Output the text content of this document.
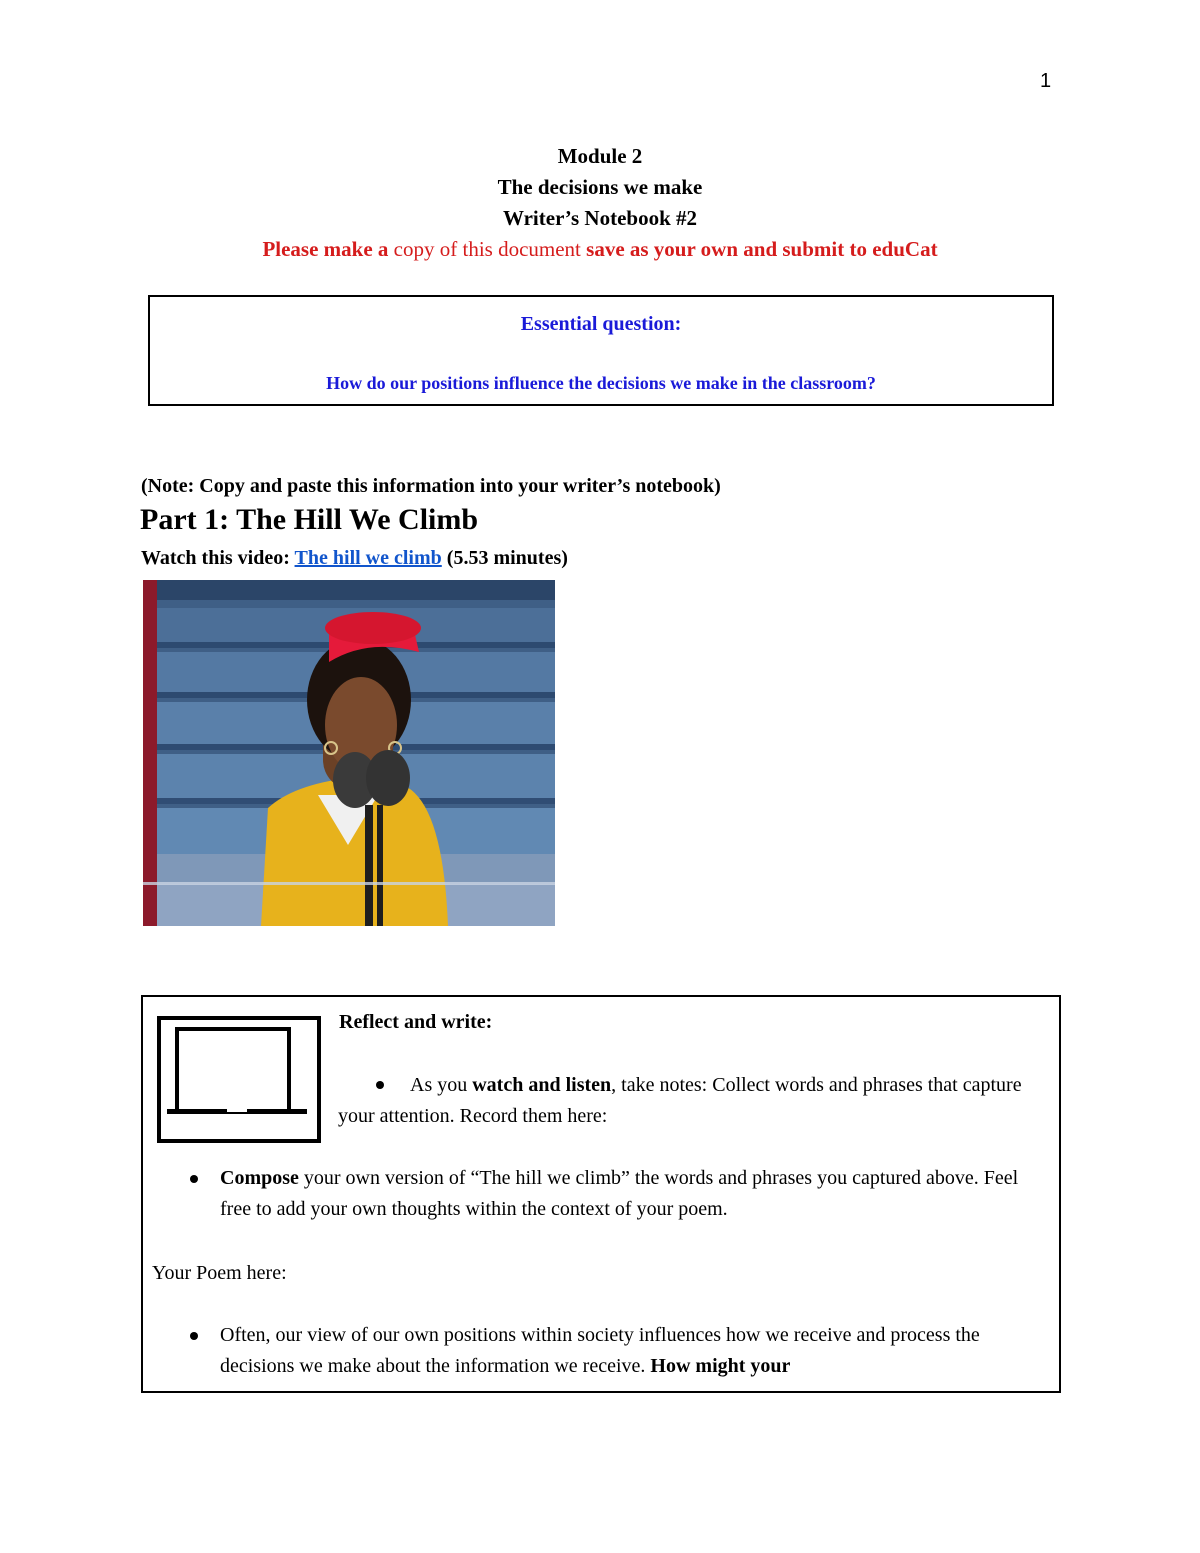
1
Module 2
The decisions we make
Writer’s Notebook #2
Please make a copy of this document save as your own and submit to eduCat
Essential question:
How do our positions influence the decisions we make in the classroom?
(Note: Copy and paste this information into your writer’s notebook)
Part 1: The Hill We Climb
Watch this video: The hill we climb (5.53 minutes)
Reflect and write:
As you watch and listen, take notes: Collect words and phrases that capture your attention. Record them here:
Compose your own version of “The hill we climb” the words and phrases you captured above. Feel free to add your own thoughts within the context of your poem.
Your Poem here:
Often, our view of our own positions within society influences how we receive and process the decisions we make about the information we receive. How might your
